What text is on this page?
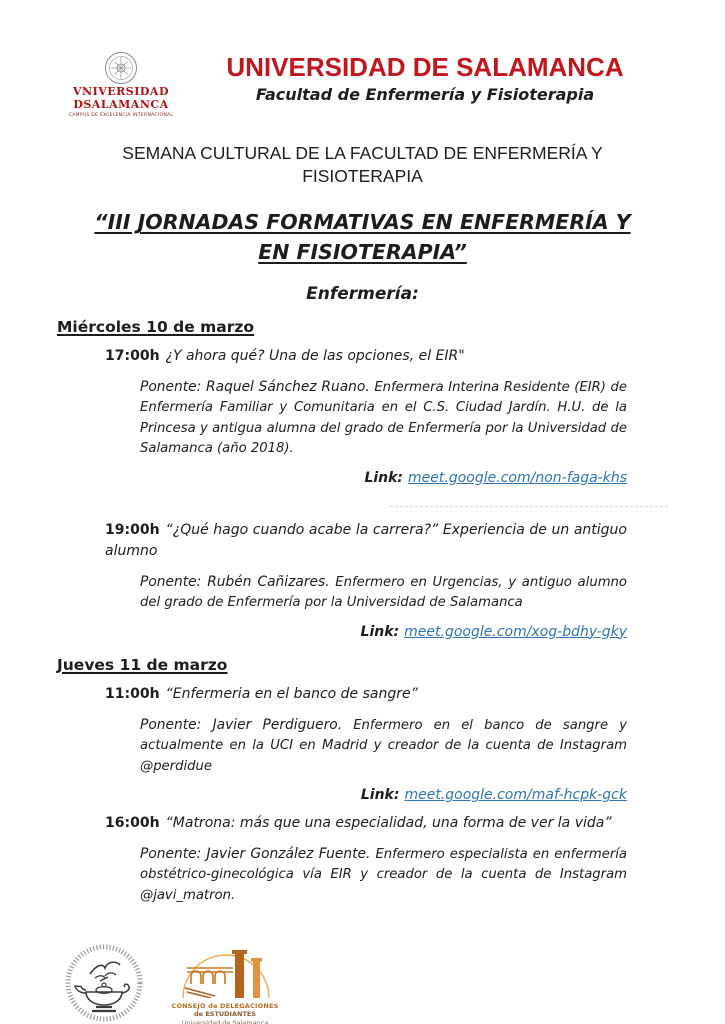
VNIVERSIDAD
DSALAMANCA
CAMPUS DE EXCELENCIA INTERNACIONAL
UNIVERSIDAD DE SALAMANCA
Facultad de Enfermería y Fisioterapia
SEMANA CULTURAL DE LA FACULTAD DE ENFERMERÍA Y
FISIOTERAPIA
“III JORNADAS FORMATIVAS EN ENFERMERÍA Y
EN FISIOTERAPIA”
Enfermería:
Miércoles 10 de marzo

17:00h ¿Y ahora qué? Una de las opciones, el EIR"

Ponente: Raquel Sánchez Ruano. Enfermera Interina Residente (EIR) de Enfermería Familiar y Comunitaria en el C.S. Ciudad Jardín. H.U. de la Princesa y antigua alumna del grado de Enfermería por la Universidad de Salamanca (año 2018).

Link: meet.google.com/non-faga-khs

19:00h “¿Qué hago cuando acabe la carrera?” Experiencia de un antiguo alumno

Ponente: Rubén Cañizares. Enfermero en Urgencias, y antiguo alumno del grado de Enfermería por la Universidad de Salamanca

Link: meet.google.com/xog-bdhy-gky

Jueves 11 de marzo

11:00h “Enfermeria en el banco de sangre”

Ponente: Javier Perdiguero. Enfermero en el banco de sangre y actualmente en la UCI en Madrid y creador de la cuenta de Instagram @perdidue

Link: meet.google.com/maf-hcpk-gck

16:00h “Matrona: más que una especialidad, una forma de ver la vida”

Ponente: Javier González Fuente. Enfermero especialista en enfermería obstétrico-ginecológica vía EIR y creador de la cuenta de Instagram @javi_matron.

CONSEJO de DELEGACIONES
de ESTUDIANTES
Universidad de Salamanca
